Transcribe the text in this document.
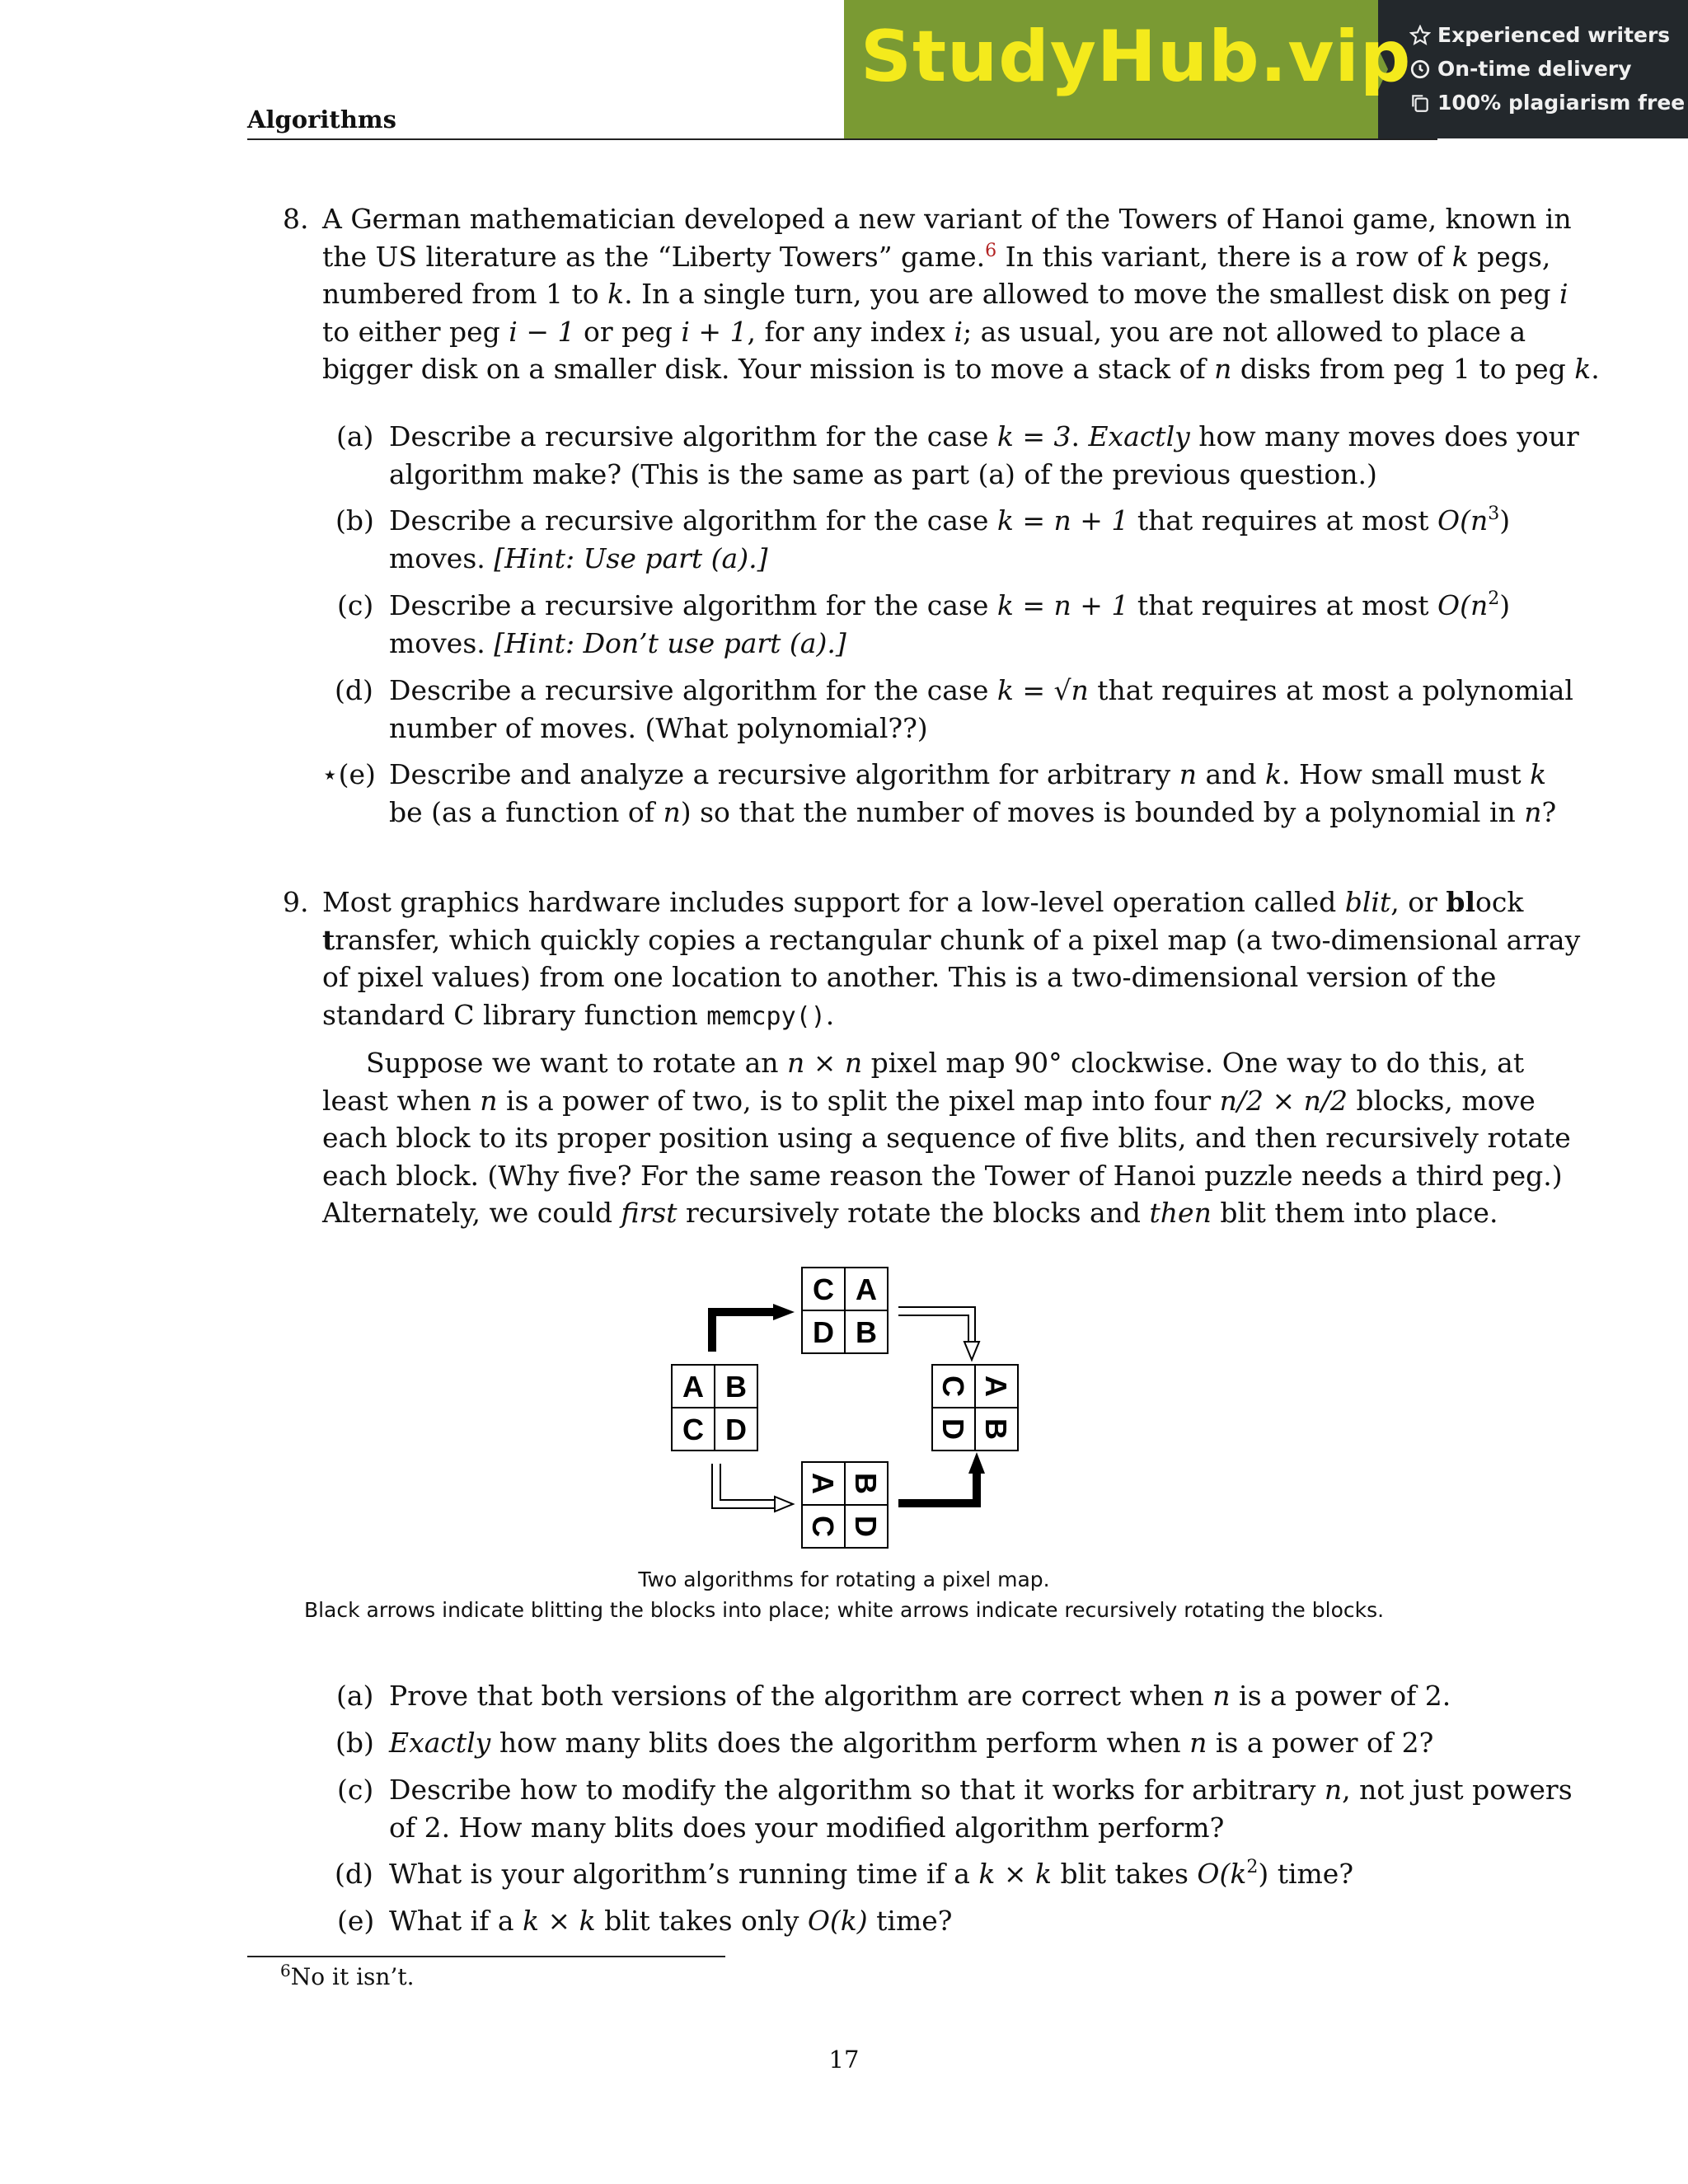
Algorithms
StudyHub.vip Experienced writers
On-time delivery
100% plagiarism free
8. A German mathematician developed a new variant of the Towers of Hanoi game, known in
the US literature as the “Liberty Towers” game.$^6$ In this variant, there is a row of k pegs,
numbered from 1 to k. In a single turn, you are allowed to move the smallest disk on peg i
to either peg i − 1 or peg i + 1, for any index i; as usual, you are not allowed to place a
bigger disk on a smaller disk. Your mission is to move a stack of n disks from peg 1 to peg k.
(a) Describe a recursive algorithm for the case k = 3. Exactly how many moves does your
algorithm make? (This is the same as part (a) of the previous question.)
(b) Describe a recursive algorithm for the case k = n + 1 that requires at most $O(n^3)$
moves. [Hint: Use part (a).]
(c) Describe a recursive algorithm for the case k = n + 1 that requires at most $O(n^2)$
moves. [Hint: Don’t use part (a).]
(d) Describe a recursive algorithm for the case k = √n that requires at most a polynomial
number of moves. (What polynomial??)
⋆(e) Describe and analyze a recursive algorithm for arbitrary n and k. How small must k
be (as a function of n) so that the number of moves is bounded by a polynomial in n?
9. Most graphics hardware includes support for a low-level operation called blit, or block
transfer, which quickly copies a rectangular chunk of a pixel map (a two-dimensional array
of pixel values) from one location to another. This is a two-dimensional version of the
standard C library function memcpy().
Suppose we want to rotate an n × n pixel map 90° clockwise. One way to do this, at
least when n is a power of two, is to split the pixel map into four n/2 × n/2 blocks, move
each block to its proper position using a sequence of five blits, and then recursively rotate
each block. (Why five? For the same reason the Tower of Hanoi puzzle needs a third peg.)
Alternately, we could first recursively rotate the blocks and then blit them into place.
A B
C D
C A
D B
A
B
C
D
B
D
A
C
Two algorithms for rotating a pixel map.
Black arrows indicate blitting the blocks into place; white arrows indicate recursively rotating the blocks.
(a) Prove that both versions of the algorithm are correct when n is a power of 2.
(b) Exactly how many blits does the algorithm perform when n is a power of 2?
(c) Describe how to modify the algorithm so that it works for arbitrary n, not just powers
of 2. How many blits does your modified algorithm perform?
(d) What is your algorithm’s running time if a k × k blit takes $O(k^2)$ time?
(e) What if a k × k blit takes only O(k) time?
$^6$No it isn’t.
17
